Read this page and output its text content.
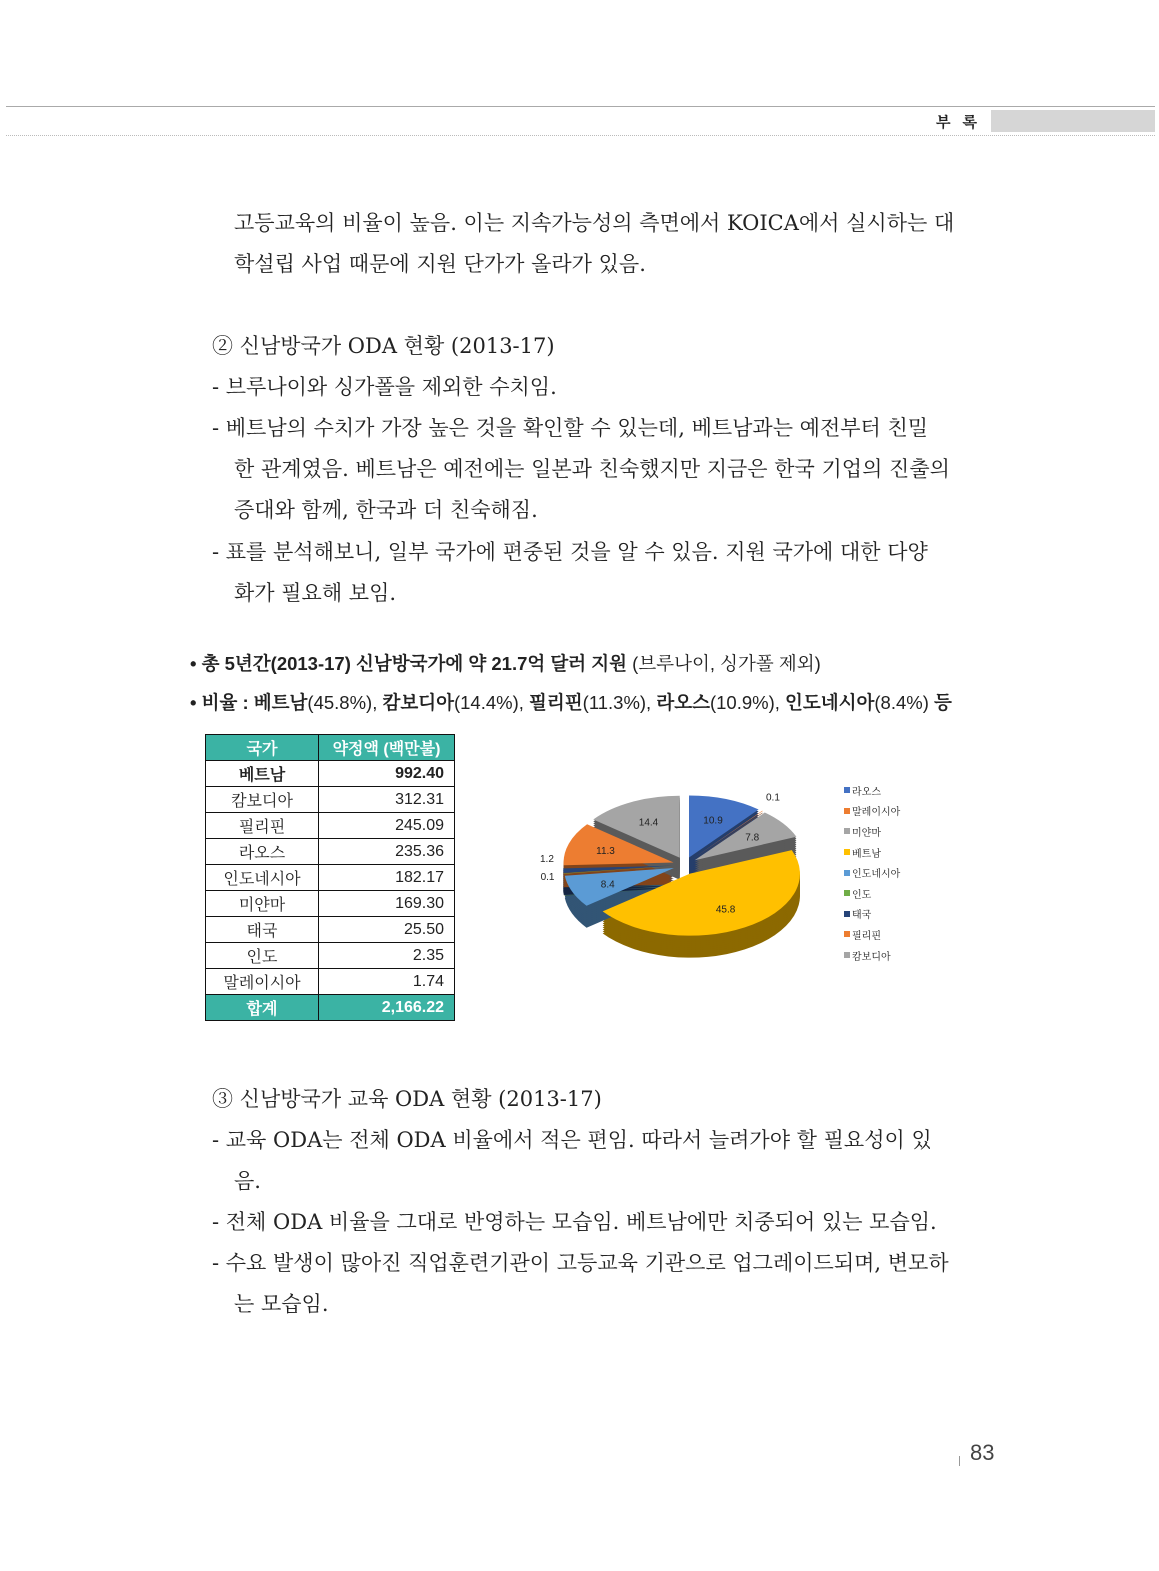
부록
고등교육의 비율이 높음. 이는 지속가능성의 측면에서 KOICA에서 실시하는 대
학설립 사업 때문에 지원 단가가 올라가 있음.
② 신남방국가 ODA 현황 (2013-17)
- 브루나이와 싱가폴을 제외한 수치임.
- 베트남의 수치가 가장 높은 것을 확인할 수 있는데, 베트남과는 예전부터 친밀
한 관계였음. 베트남은 예전에는 일본과 친숙했지만 지금은 한국 기업의 진출의
증대와 함께, 한국과 더 친숙해짐.
- 표를 분석해보니, 일부 국가에 편중된 것을 알 수 있음. 지원 국가에 대한 다양
화가 필요해 보임.
• 총 5년간(2013-17) 신남방국가에 약 21.7억 달러 지원 (브루나이, 싱가폴 제외)
• 비율 : 베트남(45.8%), 캄보디아(14.4%), 필리핀(11.3%), 라오스(10.9%), 인도네시아(8.4%) 등
국가	약정액 (백만불)
베트남	992.40
캄보디아	312.31
필리핀	245.09
라오스	235.36
인도네시아	182.17
미얀마	169.30
태국	25.50
인도	2.35
말레이시아	1.74
합계	2,166.22
10.9
0.1
7.8
45.8
8.4
0.1
1.2
11.3
14.4
라오스
말레이시아
미얀마
베트남
인도네시아
인도
태국
필리핀
캄보디아
③ 신남방국가 교육 ODA 현황 (2013-17)
- 교육 ODA는 전체 ODA 비율에서 적은 편임. 따라서 늘려가야 할 필요성이 있
음.
- 전체 ODA 비율을 그대로 반영하는 모습임. 베트남에만 치중되어 있는 모습임.
- 수요 발생이 많아진 직업훈련기관이 고등교육 기관으로 업그레이드되며, 변모하
는 모습임.
83
